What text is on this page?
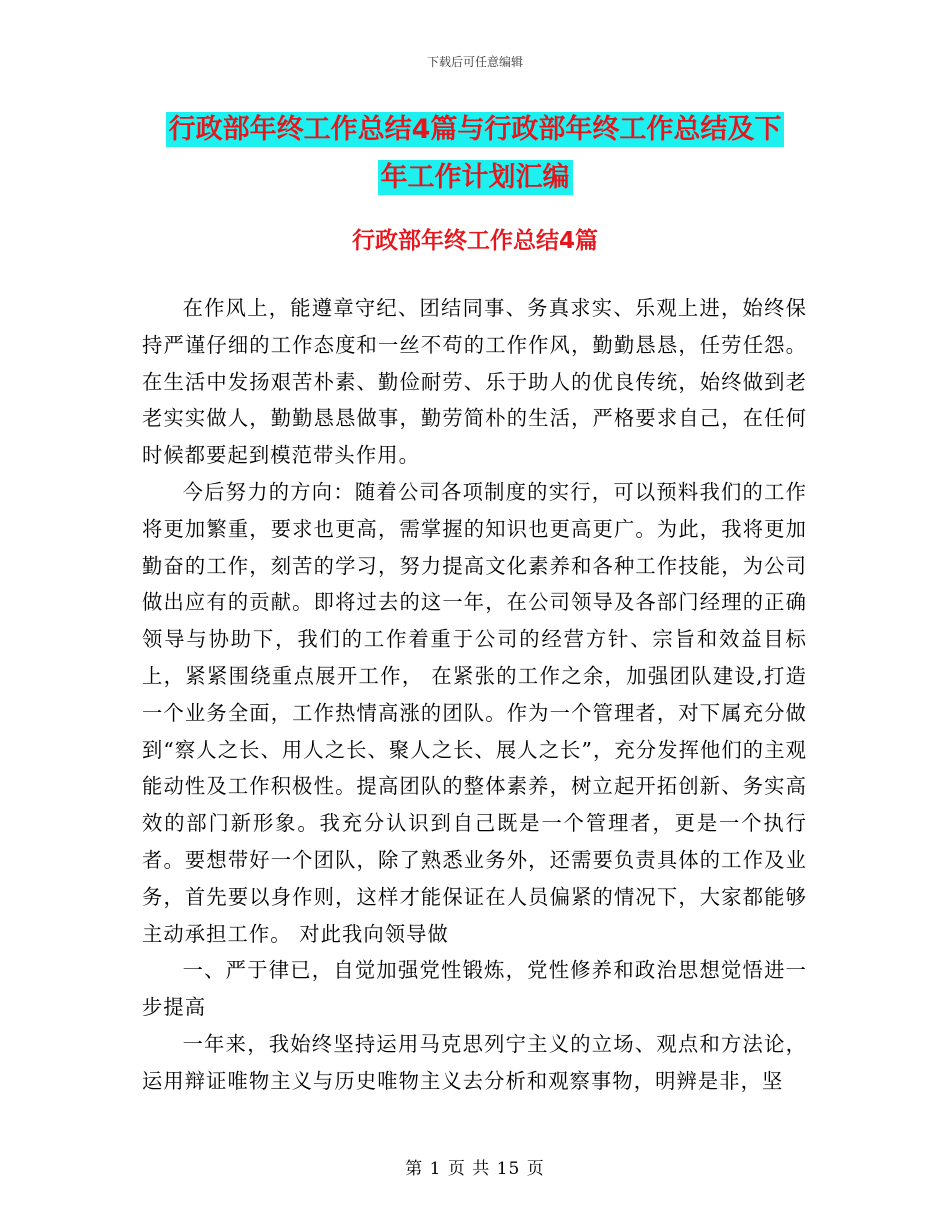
下载后可任意编辑
行政部年终工作总结4篇与行政部年终工作总结及下
年工作计划汇编
行政部年终工作总结4篇

在作风上，能遵章守纪、团结同事、务真求实、乐观上进，始终保持严谨仔细的工作态度和一丝不苟的工作作风，勤勤恳恳，任劳任怨。在生活中发扬艰苦朴素、勤俭耐劳、乐于助人的优良传统，始终做到老老实实做人，勤勤恳恳做事，勤劳简朴的生活，严格要求自己，在任何时候都要起到模范带头作用。

今后努力的方向：随着公司各项制度的实行，可以预料我们的工作将更加繁重，要求也更高，需掌握的知识也更高更广。为此，我将更加勤奋的工作，刻苦的学习，努力提高文化素养和各种工作技能，为公司做出应有的贡献。即将过去的这一年，在公司领导及各部门经理的正确领导与协助下，我们的工作着重于公司的经营方针、宗旨和效益目标上，紧紧围绕重点展开工作， 在紧张的工作之余，加强团队建设,打造一个业务全面，工作热情高涨的团队。作为一个管理者，对下属充分做到“察人之长、用人之长、聚人之长、展人之长”，充分发挥他们的主观能动性及工作积极性。提高团队的整体素养，树立起开拓创新、务实高效的部门新形象。我充分认识到自己既是一个管理者，更是一个执行者。要想带好一个团队，除了熟悉业务外，还需要负责具体的工作及业务，首先要以身作则，这样才能保证在人员偏紧的情况下，大家都能够主动承担工作。 对此我向领导做

一、严于律已，自觉加强党性锻炼，党性修养和政治思想觉悟进一步提高

一年来，我始终坚持运用马克思列宁主义的立场、观点和方法论，运用辩证唯物主义与历史唯物主义去分析和观察事物，明辨是非，坚

第 1 页 共 15 页
